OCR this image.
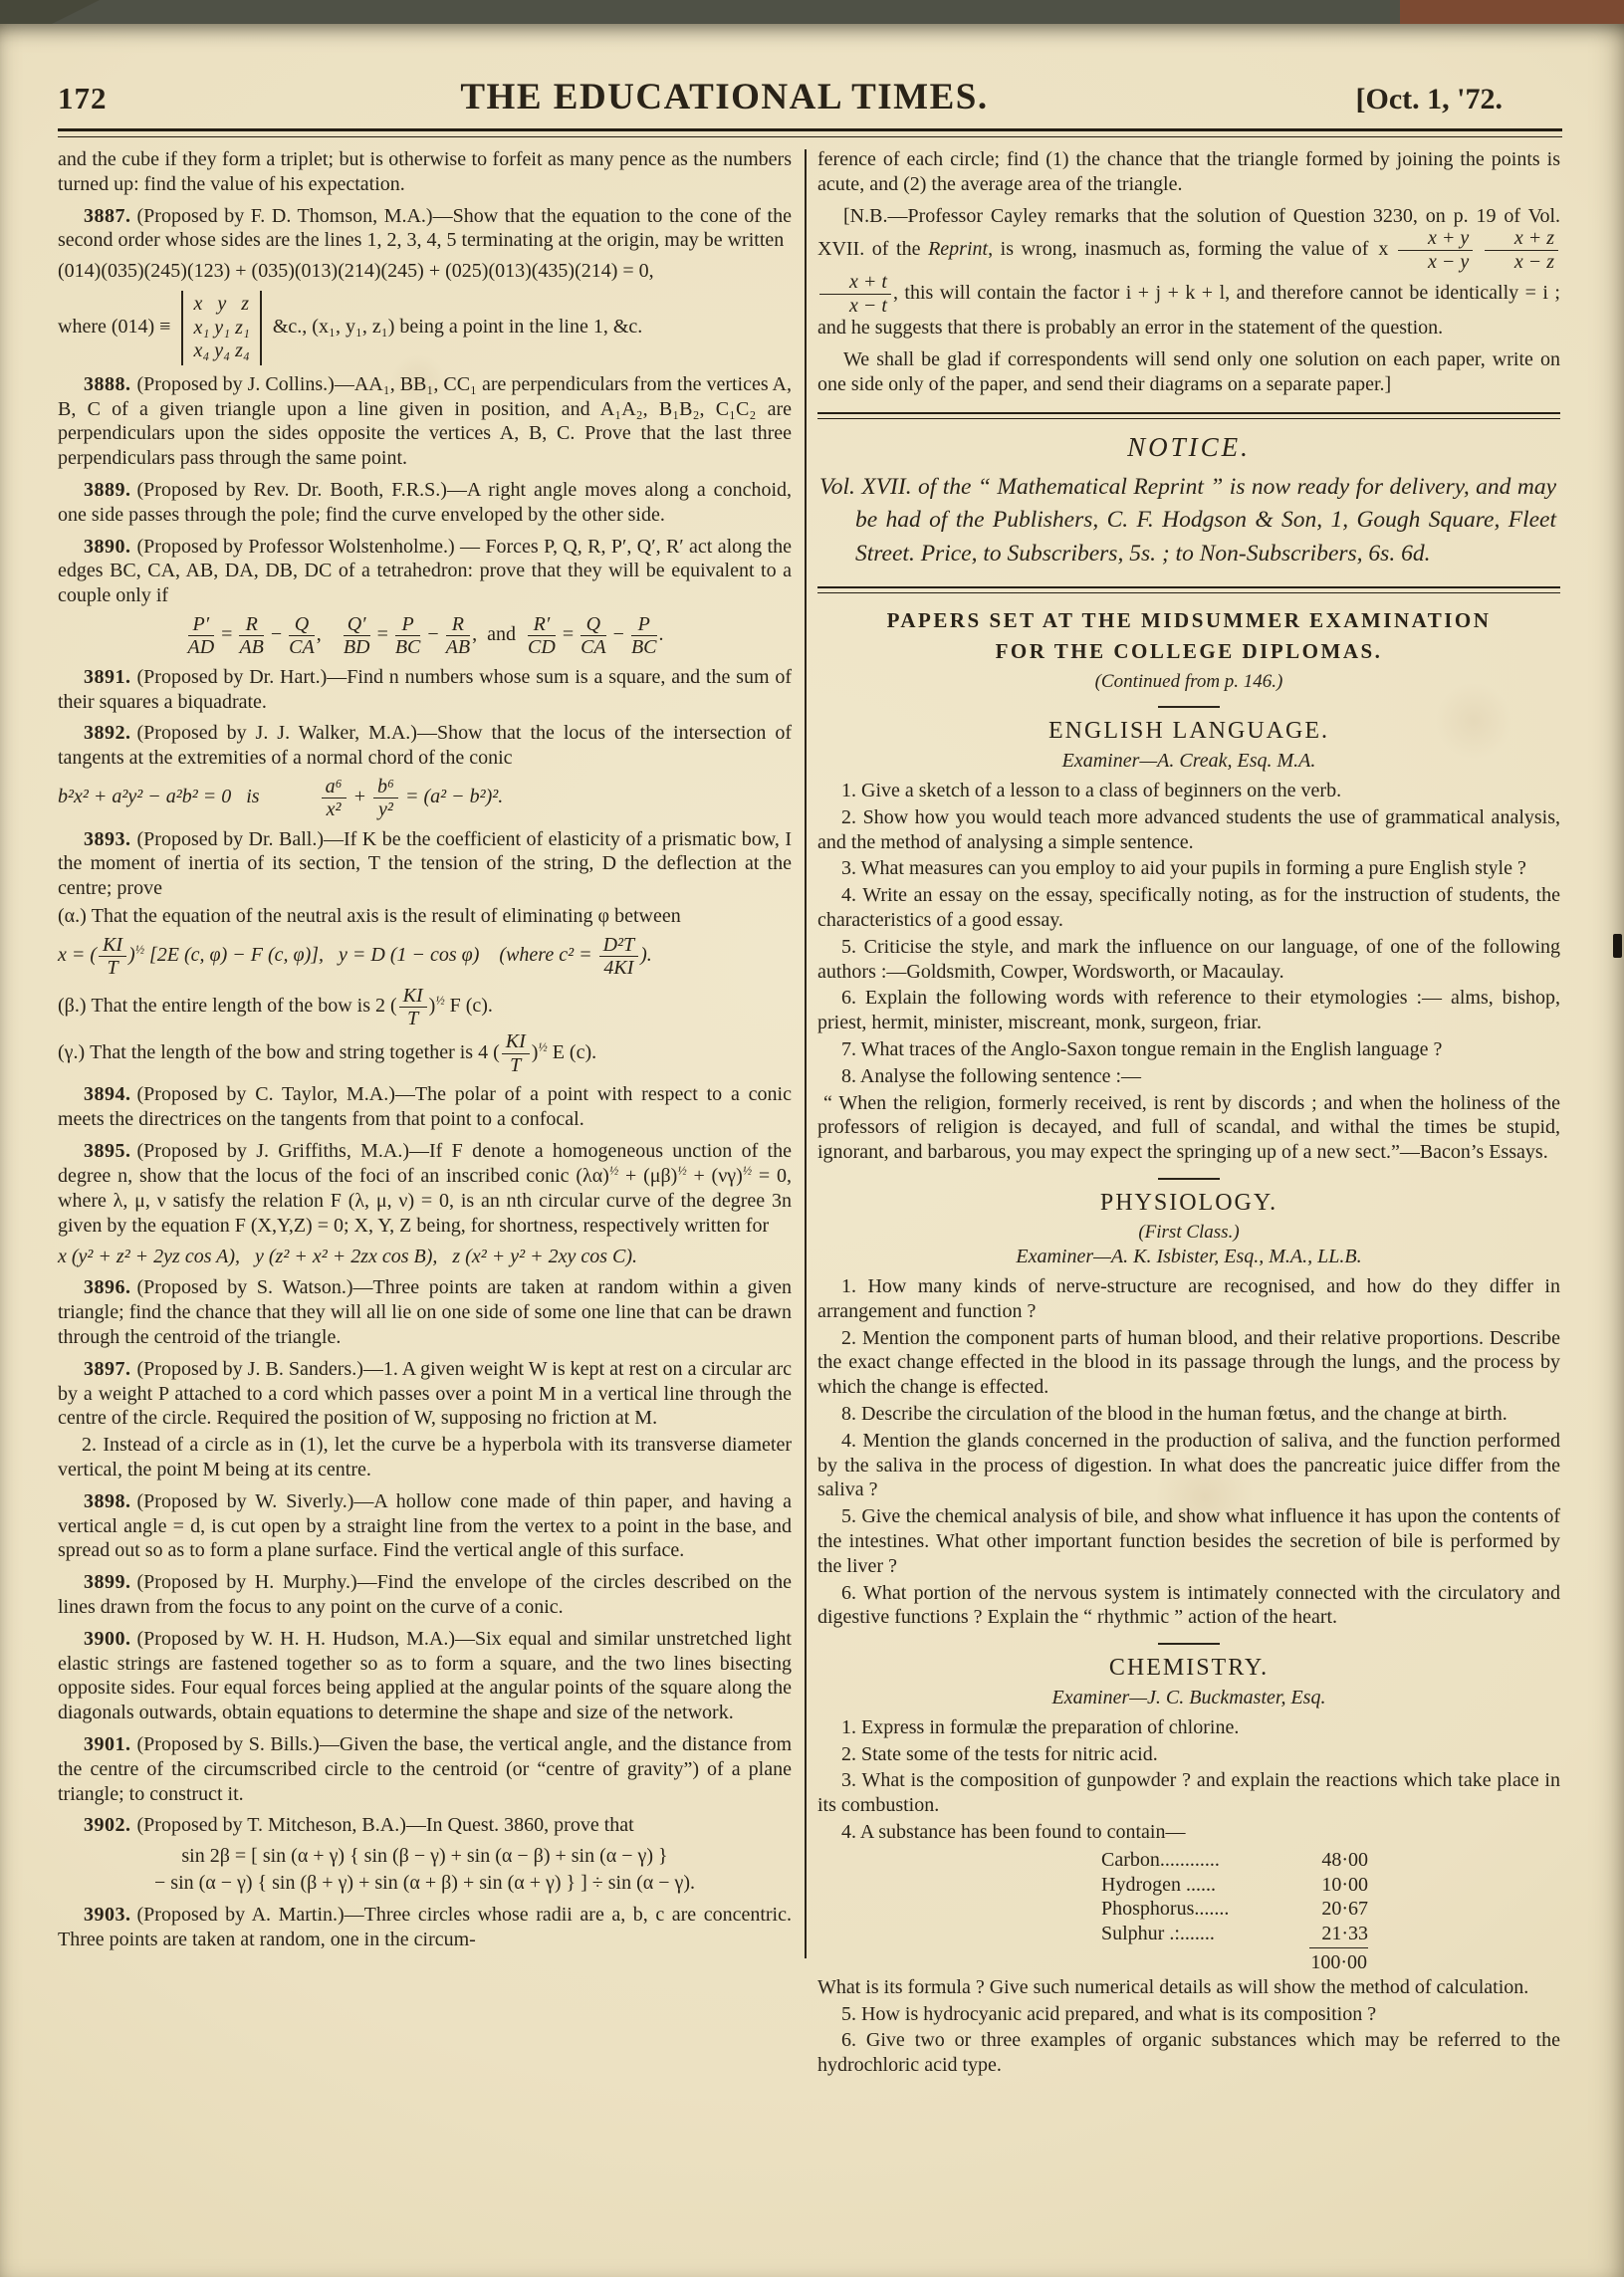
172	THE EDUCATIONAL TIMES.	[Oct. 1, '72.

and the cube if they form a triplet; but is otherwise to forfeit as many pence as the numbers turned up: find the value of his expectation.

3887. (Proposed by F. D. Thomson, M.A.)—Show that the equation to the cone of the second order whose sides are the lines 1, 2, 3, 4, 5 terminating at the origin, may be written

(014)(035)(245)(123) + (035)(013)(214)(245) + (025)(013)(435)(214) = 0,
where (014) ≡
x  y  z
x₁ y₁ z₁
x₄ y₄ z₄
&c., (x₁, y₁, z₁) being a point in the line 1, &c.

3888. (Proposed by J. Collins.)—AA₁, BB₁, CC₁ are perpendiculars from the vertices A, B, C of a given triangle upon a line given in position, and A₁A₂, B₁B₂, C₁C₂ are perpendiculars upon the sides opposite the vertices A, B, C. Prove that the last three perpendiculars pass through the same point.

3889. (Proposed by Rev. Dr. Booth, F.R.S.)—A right angle moves along a conchoid, one side passes through the pole; find the curve enveloped by the other side.

3890. (Proposed by Professor Wolstenholme.) — Forces P, Q, R, P′, Q′, R′ act along the edges BC, CA, AB, DA, DB, DC of a tetrahedron: prove that they will be equivalent to a couple only if

$\frac{P'}{AD} = \frac{R}{AB} - \frac{Q}{CA}$ ,  $\frac{Q'}{BD} = \frac{P}{BC} - \frac{R}{AB}$ , and  $\frac{R'}{CD} = \frac{Q}{CA} - \frac{P}{BC}$ .

3891. (Proposed by Dr. Hart.)—Find n numbers whose sum is a square, and the sum of their squares a biquadrate.

3892. (Proposed by J. J. Walker, M.A.)—Show that the locus of the intersection of tangents at the extremities of a normal chord of the conic

b²x² + a²y² − a²b² = 0  is    $\frac{\text{a⁶}}{\text{x²}} + \frac{\text{b⁶}}{\text{y²}} = (a^2 - b^2)^2$.

3893. (Proposed by Dr. Ball.)—If K be the coefficient of elasticity of a prismatic bow, I the moment of inertia of its section, T the tension of the string, D the deflection at the centre; prove

(α.) That the equation of the neutral axis is the result of eliminating φ between

x = ( $\frac{KI}{T} )^{\frac{1}{2}}$ [2E (c, φ) − F (c, φ)],  y = D (1 − cos φ) (where $c^2 = \frac{\text{D²T}}{4KI}$ ).

(β.) That the entire length of the bow is 2 ( $\frac{KI}{T} )^{\frac{1}{2}}$ F (c).

(γ.) That the length of the bow and string together is 4 ( $\frac{KI}{T} )^{\frac{1}{2}}$ E (c).

3894. (Proposed by C. Taylor, M.A.)—The polar of a point with respect to a conic meets the directrices on the tangents from that point to a confocal.

3895. (Proposed by J. Griffiths, M.A.)—If F denote a homogeneous unction of the degree n, show that the locus of the foci of an inscribed conic $(\lambda\alpha)^{\frac{1}{2}} + (\mu\beta)^{\frac{1}{2}} + (\nu\gamma)^{\frac{1}{2}} = 0$, where λ, μ, ν satisfy the relation F (λ, μ, ν) = 0, is an nth circular curve of the degree 3n given by the equation F (X,Y,Z) = 0; X, Y, Z being, for shortness, respectively written for

x (y² + z² + 2yz cos A),  y (z² + x² + 2zx cos B),  z (x² + y² + 2xy cos C).

3896. (Proposed by S. Watson.)—Three points are taken at random within a given triangle; find the chance that they will all lie on one side of some one line that can be drawn through the centroid of the triangle.

3897. (Proposed by J. B. Sanders.)—1. A given weight W is kept at rest on a circular arc by a weight P attached to a cord which passes over a point M in a vertical line through the centre of the circle. Required the position of W, supposing no friction at M.

2. Instead of a circle as in (1), let the curve be a hyperbola with its transverse diameter vertical, the point M being at its centre.

3898. (Proposed by W. Siverly.)—A hollow cone made of thin paper, and having a vertical angle = d, is cut open by a straight line from the vertex to a point in the base, and spread out so as to form a plane surface. Find the vertical angle of this surface.

3899. (Proposed by H. Murphy.)—Find the envelope of the circles described on the lines drawn from the focus to any point on the curve of a conic.

3900. (Proposed by W. H. H. Hudson, M.A.)—Six equal and similar unstretched light elastic strings are fastened together so as to form a square, and the two lines bisecting opposite sides. Four equal forces being applied at the angular points of the square along the diagonals outwards, obtain equations to determine the shape and size of the network.

3901. (Proposed by S. Bills.)—Given the base, the vertical angle, and the distance from the centre of the circumscribed circle to the centroid (or “centre of gravity”) of a plane triangle; to construct it.

3902. (Proposed by T. Mitcheson, B.A.)—In Quest. 3860, prove that

sin 2β = [ sin (α + γ) { sin (β − γ) + sin (α − β) + sin (α − γ) }
− sin (α − γ) { sin (β + γ) + sin (α + β) + sin (α + γ) } ] ÷ sin (α − γ).

3903. (Proposed by A. Martin.)—Three circles whose radii are a, b, c are concentric. Three points are taken at random, one in the circum-

ference of each circle; find (1) the chance that the triangle formed by joining the points is acute, and (2) the average area of the triangle.

[N.B.—Professor Cayley remarks that the solution of Question 3230, on p. 19 of Vol. XVII. of the Reprint, is wrong, inasmuch as, forming the value of x $\frac{x + y}{x - y}$
$\frac{x + z}{x - z}$

$\frac{x + t}{x - t}$ , this will contain the factor i + j + k + l, and therefore cannot be identically = i ; and he suggests that there is probably an error in the statement of the question.

We shall be glad if correspondents will send only one solution on each paper, write on one side only of the paper, and send their diagrams on a separate paper.]

NOTICE.

Vol. XVII. of the “ Mathematical Reprint ” is now ready for delivery, and may be had of the Publishers, C. F. Hodgson & Son, 1, Gough Square, Fleet Street. Price, to Subscribers, 5s. ; to Non-Subscribers, 6s. 6d.

PAPERS SET AT THE MIDSUMMER EXAMINATION
FOR THE COLLEGE DIPLOMAS.

(Continued from p. 146.)

ENGLISH LANGUAGE.

Examiner—A. Creak, Esq. M.A.

1. Give a sketch of a lesson to a class of beginners on the verb.

2. Show how you would teach more advanced students the use of grammatical analysis, and the method of analysing a simple sentence.

3. What measures can you employ to aid your pupils in forming a pure English style ?

4. Write an essay on the essay, specifically noting, as for the instruction of students, the characteristics of a good essay.

5. Criticise the style, and mark the influence on our language, of one of the following authors :—Goldsmith, Cowper, Wordsworth, or Macaulay.

6. Explain the following words with reference to their etymologies :— alms, bishop, priest, hermit, minister, miscreant, monk, surgeon, friar.

7. What traces of the Anglo-Saxon tongue remain in the English language ?

8. Analyse the following sentence :—

“ When the religion, formerly received, is rent by discords ; and when the holiness of the professors of religion is decayed, and full of scandal, and withal the times be stupid, ignorant, and barbarous, you may expect the springing up of a new sect.”—Bacon’s Essays.

PHYSIOLOGY.

(First Class.)

Examiner—A. K. Isbister, Esq., M.A., LL.B.

1. How many kinds of nerve-structure are recognised, and how do they differ in arrangement and function ?

2. Mention the component parts of human blood, and their relative proportions. Describe the exact change effected in the blood in its passage through the lungs, and the process by which the change is effected.

8. Describe the circulation of the blood in the human fœtus, and the change at birth.

4. Mention the glands concerned in the production of saliva, and the function performed by the saliva in the process of digestion. In what does the pancreatic juice differ from the saliva ?

5. Give the chemical analysis of bile, and show what influence it has upon the contents of the intestines. What other important function besides the secretion of bile is performed by the liver ?

6. What portion of the nervous system is intimately connected with the circulatory and digestive functions ? Explain the “ rhythmic ” action of the heart.

CHEMISTRY.

Examiner—J. C. Buckmaster, Esq.

1. Express in formulæ the preparation of chlorine.

2. State some of the tests for nitric acid.

3. What is the composition of gunpowder ? and explain the reactions which take place in its combustion.

4. A substance has been found to contain—

Carbon............	48·00
Hydrogen ......	10·00
Phosphorus.......	20·67
Sulphur .:.......	21·33
100·00

What is its formula ? Give such numerical details as will show the method of calculation.

5. How is hydrocyanic acid prepared, and what is its composition ?

6. Give two or three examples of organic substances which may be referred to the hydrochloric acid type.
